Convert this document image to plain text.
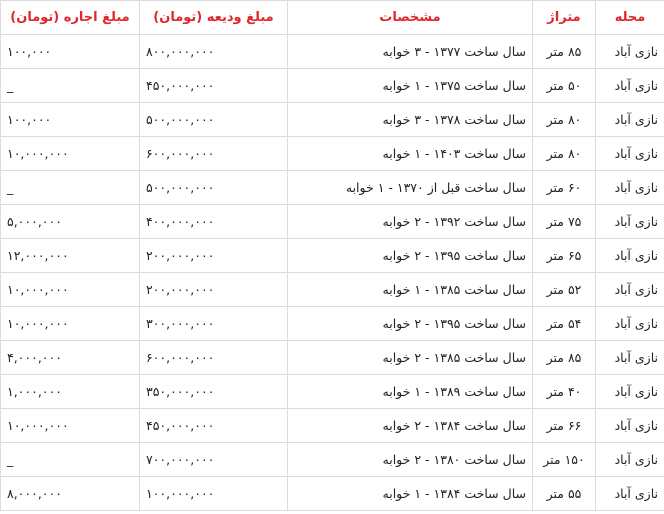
محله	متراژ	مشخصات	مبلغ ودیعه (تومان)	مبلغ اجاره (تومان)
نازی آباد	۸۵ متر	سال ساخت ۱۳۷۷ - ۳ خوابه	۸۰۰,۰۰۰,۰۰۰	۱۰۰,۰۰۰
نازی آباد	۵۰ متر	سال ساخت ۱۳۷۵ - ۱ خوابه	۴۵۰,۰۰۰,۰۰۰	_
نازی آباد	۸۰ متر	سال ساخت ۱۳۷۸ - ۳ خوابه	۵۰۰,۰۰۰,۰۰۰	۱۰۰,۰۰۰
نازی آباد	۸۰ متر	سال ساخت ۱۴۰۳ - ۱ خوابه	۶۰۰,۰۰۰,۰۰۰	۱۰,۰۰۰,۰۰۰
نازی آباد	۶۰ متر	سال ساخت قبل از ۱۳۷۰ - ۱ خوابه	۵۰۰,۰۰۰,۰۰۰	_
نازی آباد	۷۵ متر	سال ساخت ۱۳۹۲ - ۲ خوابه	۴۰۰,۰۰۰,۰۰۰	۵,۰۰۰,۰۰۰
نازی آباد	۶۵ متر	سال ساخت ۱۳۹۵ - ۲ خوابه	۲۰۰,۰۰۰,۰۰۰	۱۲,۰۰۰,۰۰۰
نازی آباد	۵۲ متر	سال ساخت ۱۳۸۵ - ۱ خوابه	۲۰۰,۰۰۰,۰۰۰	۱۰,۰۰۰,۰۰۰
نازی آباد	۵۴ متر	سال ساخت ۱۳۹۵ - ۲ خوابه	۳۰۰,۰۰۰,۰۰۰	۱۰,۰۰۰,۰۰۰
نازی آباد	۸۵ متر	سال ساخت ۱۳۸۵ - ۲ خوابه	۶۰۰,۰۰۰,۰۰۰	۴,۰۰۰,۰۰۰
نازی آباد	۴۰ متر	سال ساخت ۱۳۸۹ - ۱ خوابه	۳۵۰,۰۰۰,۰۰۰	۱,۰۰۰,۰۰۰
نازی آباد	۶۶ متر	سال ساخت ۱۳۸۴ - ۲ خوابه	۴۵۰,۰۰۰,۰۰۰	۱۰,۰۰۰,۰۰۰
نازی آباد	۱۵۰ متر	سال ساخت ۱۳۸۰ - ۲ خوابه	۷۰۰,۰۰۰,۰۰۰	_
نازی آباد	۵۵ متر	سال ساخت ۱۳۸۴ - ۱ خوابه	۱۰۰,۰۰۰,۰۰۰	۸,۰۰۰,۰۰۰
